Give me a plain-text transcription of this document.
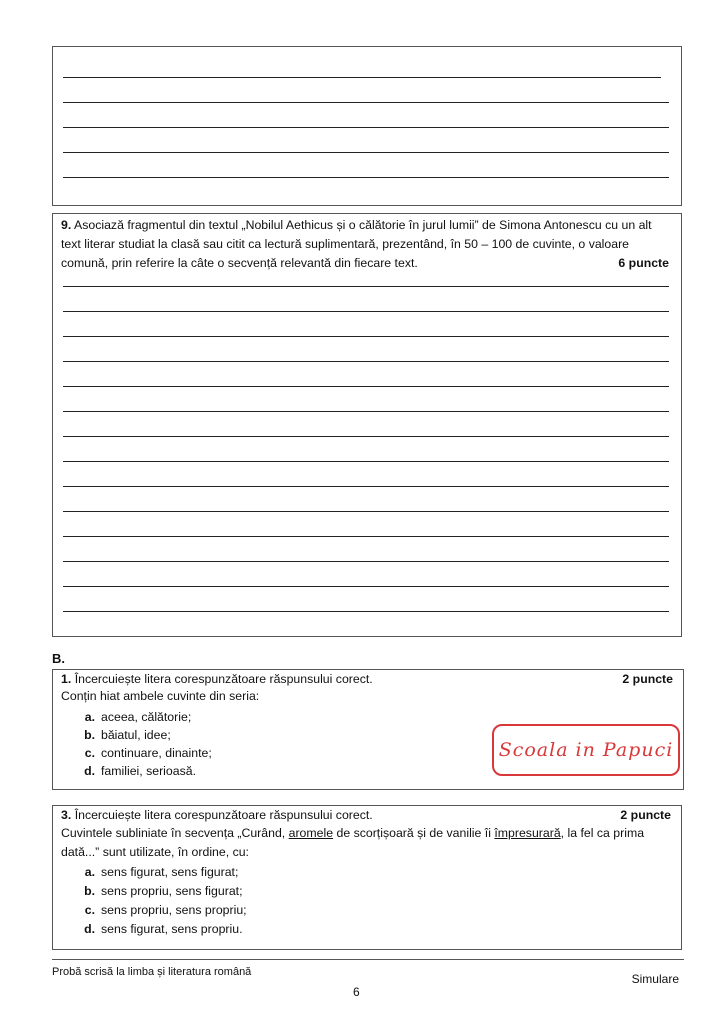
9. Asociază fragmentul din textul „Nobilul Aethicus și o călătorie în jurul lumii” de Simona Antonescu cu un alt text literar studiat la clasă sau citit ca lectură suplimentară, prezentând, în 50 – 100 de cuvinte, o valoare comună, prin referire la câte o secvență relevantă din fiecare text.	6 puncte
B.
1. Încercuiește litera corespunzătoare răspunsului corect.	2 puncte
Conțin hiat ambele cuvinte din seria:
a. aceea, călătorie;
b. băiatul, idee;
c. continuare, dinainte;
d. familiei, serioasă.
Scoala in Papuci
3. Încercuiește litera corespunzătoare răspunsului corect.	2 puncte
Cuvintele subliniate în secvența „Curând, aromele de scorțișoară și de vanilie îi împresurară, la fel ca prima dată...” sunt utilizate, în ordine, cu:
a. sens figurat, sens figurat;
b. sens propriu, sens figurat;
c. sens propriu, sens propriu;
d. sens figurat, sens propriu.
Probă scrisă la limba și literatura română
6
Simulare
